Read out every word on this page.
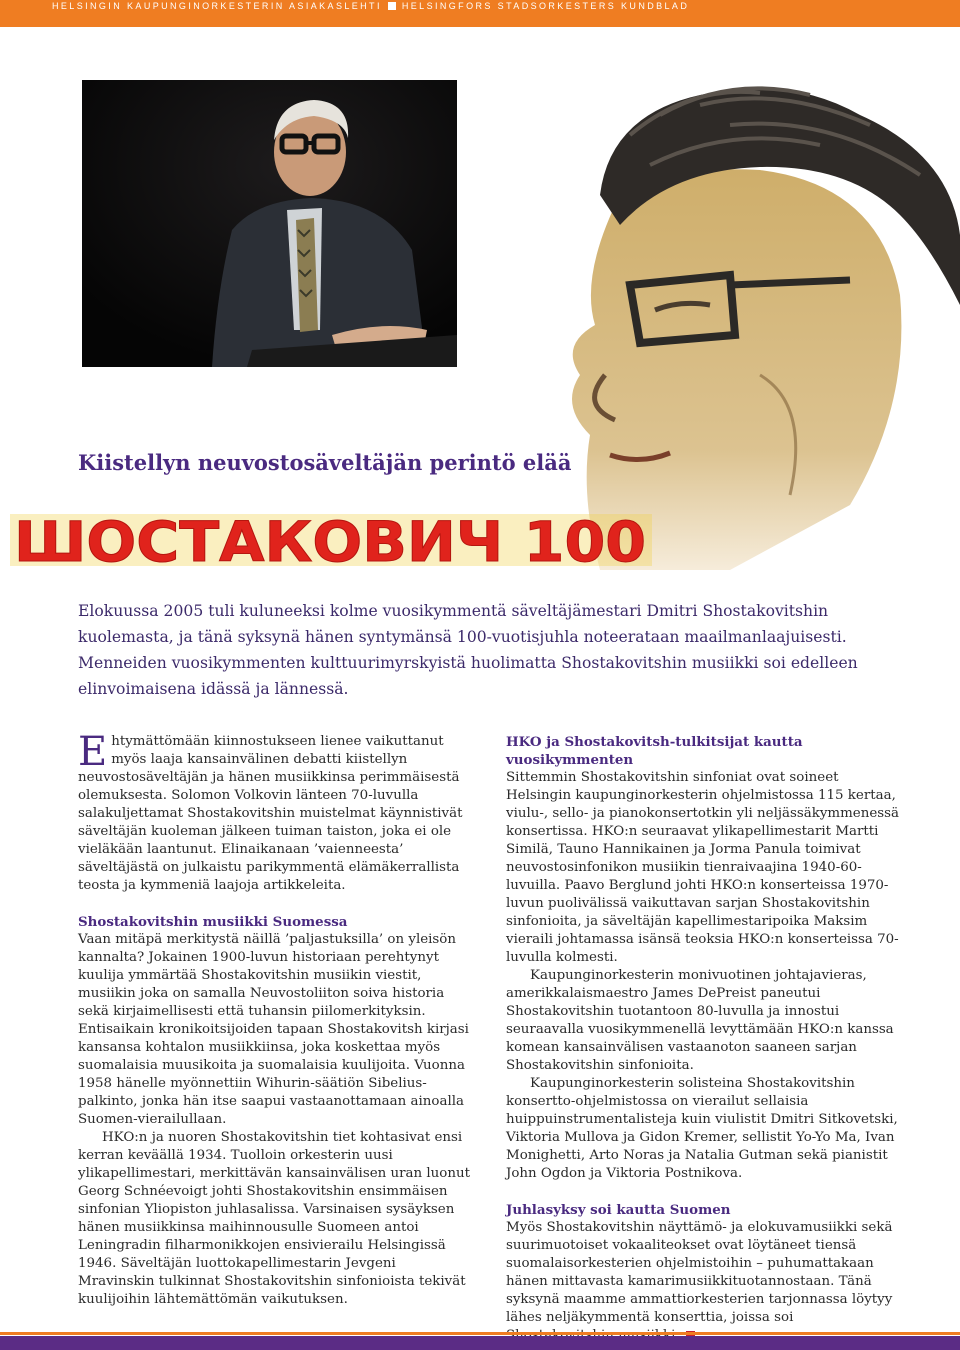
HELSINGIN KAUPUNGINORKESTERIN ASIAKASLEHTI HELSINGFORS STADSORKESTERS KUNDBLAD
Kiistellyn neuvostosäveltäjän perintö elää
ШОСТАКОВИЧ 100

Elokuussa 2005 tuli kuluneeksi kolme vuosikymmentä säveltäjämestari Dmitri Shostakovitshin kuolemasta, ja tänä syksynä hänen syntymänsä 100-vuotisjuhla noteerataan maailmanlaajuisesti. Menneiden vuosikymmenten kulttuurimyrskyistä huolimatta Shostakovitshin musiikki soi edelleen elinvoimaisena idässä ja lännessä.

Ehtymättömään kiinnostukseen lienee vaikuttanut myös laaja kansainvälinen debatti kiistellyn neuvostosäveltäjän ja hänen musiikkinsa perimmäisestä olemuksesta. Solomon Volkovin länteen 70-luvulla salakuljettamat Shostakovitshin muistelmat käynnistivät säveltäjän kuoleman jälkeen tuiman taiston, joka ei ole vieläkään laantunut. Elinaikanaan ’vaienneesta’ säveltäjästä on julkaistu parikymmentä elämäkerrallista teosta ja kymmeniä laajoja artikkeleita.

Shostakovitshin musiikki Suomessa

Vaan mitäpä merkitystä näillä ’paljastuksilla’ on yleisön kannalta? Jokainen 1900-luvun historiaan perehtynyt kuulija ymmärtää Shostakovitshin musiikin viestit, musiikin joka on samalla Neuvostoliiton soiva historia sekä kirjaimellisesti että tuhansin piilomerkityksin. Entisaikain kronikoitsijoiden tapaan Shostakovitsh kirjasi kansansa kohtalon musiikkiinsa, joka koskettaa myös suomalaisia muusikoita ja suomalaisia kuulijoita. Vuonna 1958 hänelle myönnettiin Wihurin-säätiön Sibelius-palkinto, jonka hän itse saapui vastaanottamaan ainoalla Suomen-vierailullaan.

HKO:n ja nuoren Shostakovitshin tiet kohtasivat ensi kerran keväällä 1934. Tuolloin orkesterin uusi ylikapellimestari, merkittävän kansainvälisen uran luonut Georg Schnéevoigt johti Shostakovitshin ensimmäisen sinfonian Yliopiston juhlasalissa. Varsinaisen sysäyksen hänen musiikkinsa maihinnousulle Suomeen antoi Leningradin filharmonikkojen ensivierailu Helsingissä 1946. Säveltäjän luottokapellimestarin Jevgeni Mravinskin tulkinnat Shostakovitshin sinfonioista tekivät kuulijoihin lähtemättömän vaikutuksen.

HKO ja Shostakovitsh-tulkitsijat kautta vuosikymmenten

Sittemmin Shostakovitshin sinfoniat ovat soineet Helsingin kaupunginorkesterin ohjelmistossa 115 kertaa, viulu-, sello- ja pianokonsertotkin yli neljässäkymmenessä konsertissa. HKO:n seuraavat ylikapellimestarit Martti Similä, Tauno Hannikainen ja Jorma Panula toimivat neuvostosinfonikon musiikin tienraivaajina 1940-60-luvuilla. Paavo Berglund johti HKO:n konserteissa 1970-luvun puolivälissä vaikuttavan sarjan Shostakovitshin sinfonioita, ja säveltäjän kapellimestaripoika Maksim vieraili johtamassa isänsä teoksia HKO:n konserteissa 70-luvulla kolmesti.

Kaupunginorkesterin monivuotinen johtajavieras, amerikkalaismaestro James DePreist paneutui Shostakovitshin tuotantoon 80-luvulla ja innostui seuraavalla vuosikymmenellä levyttämään HKO:n kanssa komean kansainvälisen vastaanoton saaneen sarjan Shostakovitshin sinfonioita.

Kaupunginorkesterin solisteina Shostakovitshin konsertto-ohjelmistossa on vierailut sellaisia huippuinstrumentalisteja kuin viulistit Dmitri Sitkovetski, Viktoria Mullova ja Gidon Kremer, sellistit Yo-Yo Ma, Ivan Monighetti, Arto Noras ja Natalia Gutman sekä pianistit John Ogdon ja Viktoria Postnikova.

Juhlasyksy soi kautta Suomen

Myös Shostakovitshin näyttämö- ja elokuvamusiikki sekä suurimuotoiset vokaaliteokset ovat löytäneet tiensä suomalaisorkesterien ohjelmistoihin – puhumattakaan hänen mittavasta kamarimusiikkituotannostaan. Tänä syksynä maamme ammattiorkesterien tarjonnassa löytyy lähes neljäkymmentä konserttia, joissa soi
